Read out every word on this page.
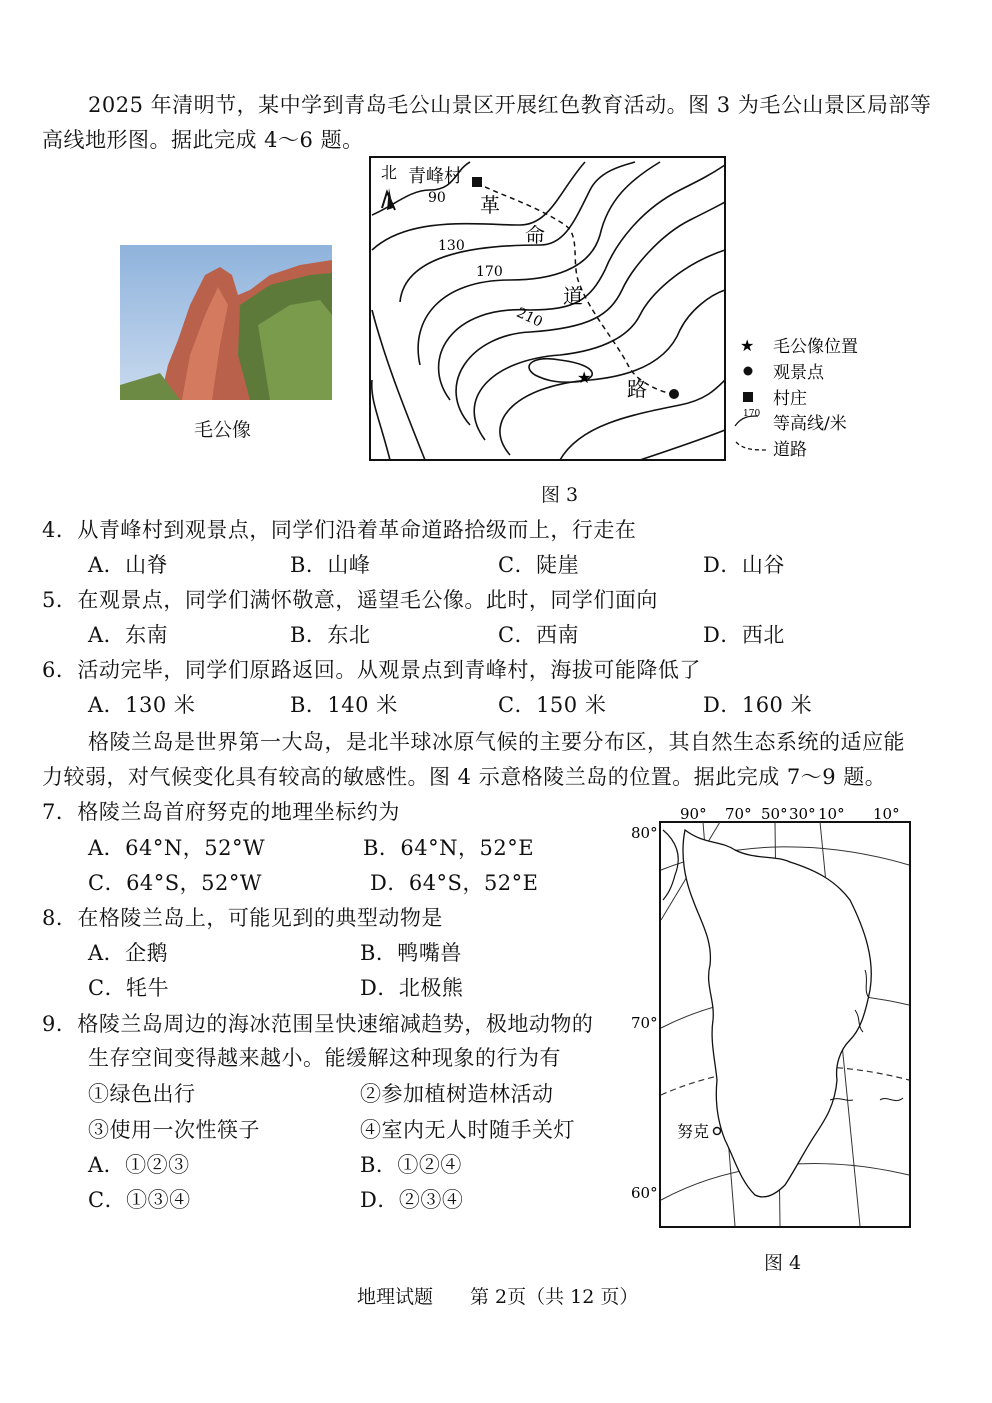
2025 年清明节，某中学到青岛毛公山景区开展红色教育活动。图 3 为毛公山景区局部等
高线地形图。据此完成 4～6 题。
毛公像
北 青峰村
90
130
170
210
革
命
道
路
★
★ 毛公像位置
观景点
村庄
170 等高线/米
道路
图 3
4．从青峰村到观景点，同学们沿着革命道路拾级而上，行走在
A．山脊	B．山峰	C．陡崖	D．山谷
5．在观景点，同学们满怀敬意，遥望毛公像。此时，同学们面向
A．东南	B．东北	C．西南	D．西北
6．活动完毕，同学们原路返回。从观景点到青峰村，海拔可能降低了
A．130 米	B．140 米	C．150 米	D．160 米
格陵兰岛是世界第一大岛，是北半球冰原气候的主要分布区，其自然生态系统的适应能
力较弱，对气候变化具有较高的敏感性。图 4 示意格陵兰岛的位置。据此完成 7～9 题。
7．格陵兰岛首府努克的地理坐标约为
A．64°N，52°W	B．64°N，52°E
C．64°S，52°W	D．64°S，52°E
8．在格陵兰岛上，可能见到的典型动物是
A．企鹅	B．鸭嘴兽
C．牦牛	D．北极熊
9．格陵兰岛周边的海冰范围呈快速缩减趋势，极地动物的
生存空间变得越来越小。能缓解这种现象的行为有
①绿色出行	②参加植树造林活动
③使用一次性筷子	④室内无人时随手关灯
A．①②③	B．①②④
C．①③④	D．②③④
90° 70° 50° 30° 10° 10°
80°
70°
60°
努克
图 4
地理试题 第 2页（共 12 页）
